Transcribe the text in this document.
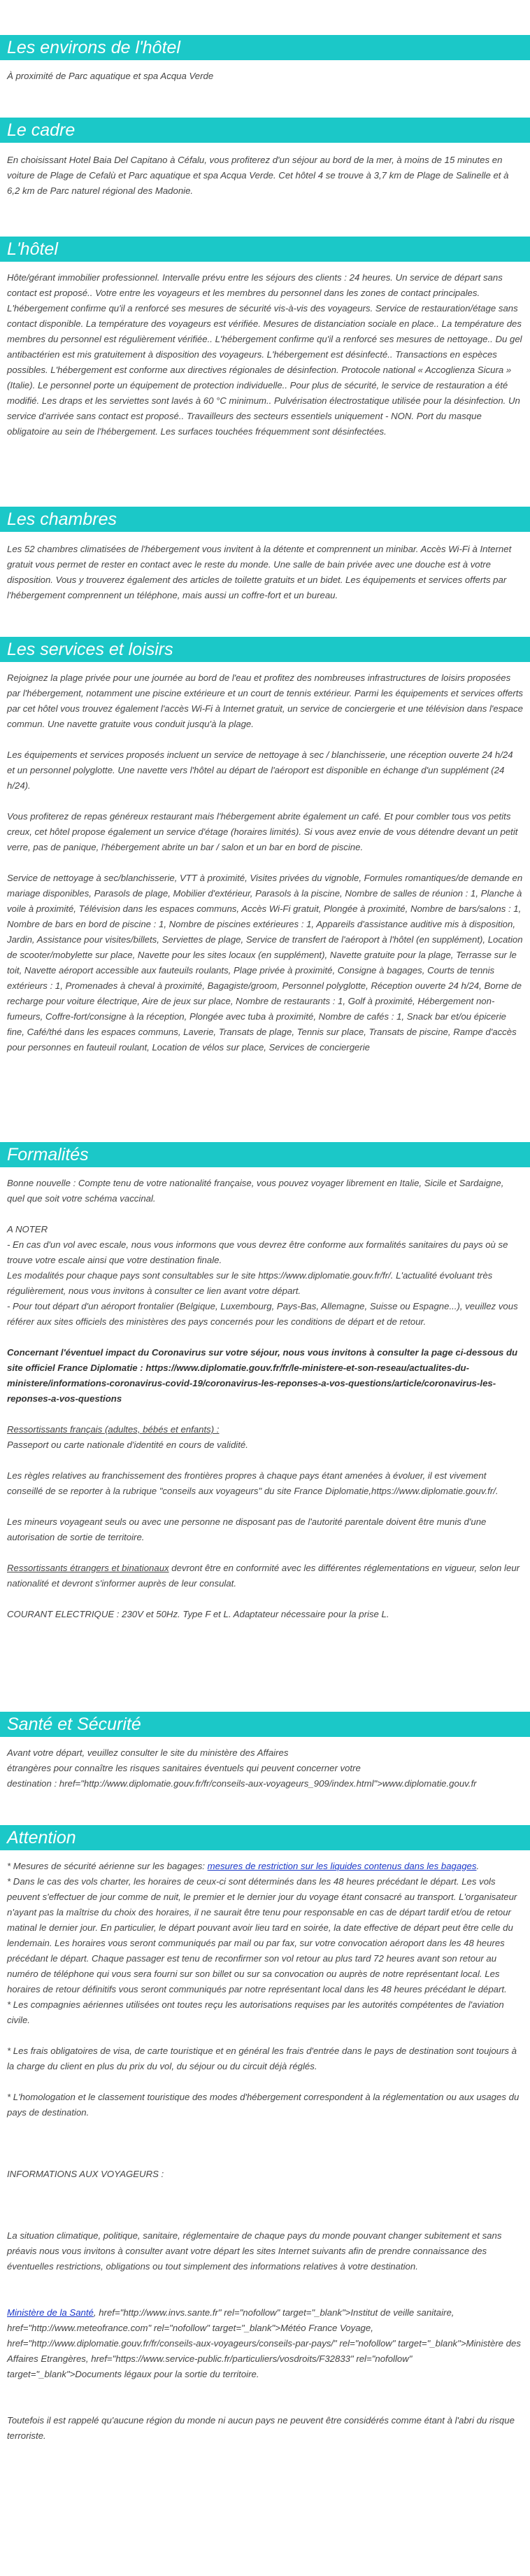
Les environs de l'hôtel

À proximité de Parc aquatique et spa Acqua Verde

Le cadre

En choisissant Hotel Baia Del Capitano à Céfalu, vous profiterez d'un séjour au bord de la mer, à moins de 15 minutes en voiture de Plage de Cefalù et Parc aquatique et spa Acqua Verde. Cet hôtel 4 se trouve à 3,7 km de Plage de Salinelle et à 6,2 km de Parc naturel régional des Madonie.

L'hôtel

Hôte/gérant immobilier professionnel. Intervalle prévu entre les séjours des clients : 24 heures. Un service de départ sans contact est proposé.. Votre entre les voyageurs et les membres du personnel dans les zones de contact principales. L'hébergement confirme qu'il a renforcé ses mesures de sécurité vis-à-vis des voyageurs. Service de restauration/étage sans contact disponible. La température des voyageurs est vérifiée. Mesures de distanciation sociale en place.. La température des membres du personnel est régulièrement vérifiée.. L'hébergement confirme qu'il a renforcé ses mesures de nettoyage.. Du gel antibactérien est mis gratuitement à disposition des voyageurs. L'hébergement est désinfecté.. Transactions en espèces possibles. L'hébergement est conforme aux directives régionales de désinfection. Protocole national « Accoglienza Sicura » (Italie). Le personnel porte un équipement de protection individuelle.. Pour plus de sécurité, le service de restauration a été modifié. Les draps et les serviettes sont lavés à 60 °C minimum.. Pulvérisation électrostatique utilisée pour la désinfection. Un service d'arrivée sans contact est proposé.. Travailleurs des secteurs essentiels uniquement - NON. Port du masque obligatoire au sein de l'hébergement. Les surfaces touchées fréquemment sont désinfectées.

Les chambres

Les 52 chambres climatisées de l'hébergement vous invitent à la détente et comprennent un minibar. Accès Wi-Fi à Internet gratuit vous permet de rester en contact avec le reste du monde. Une salle de bain privée avec une douche est à votre disposition. Vous y trouverez également des articles de toilette gratuits et un bidet. Les équipements et services offerts par l'hébergement comprennent un téléphone, mais aussi un coffre-fort et un bureau.

Les services et loisirs

Rejoignez la plage privée pour une journée au bord de l'eau et profitez des nombreuses infrastructures de loisirs proposées par l'hébergement, notamment une piscine extérieure et un court de tennis extérieur. Parmi les équipements et services offerts par cet hôtel vous trouvez également l'accès Wi-Fi à Internet gratuit, un service de conciergerie et une télévision dans l'espace commun. Une navette gratuite vous conduit jusqu'à la plage.

Les équipements et services proposés incluent un service de nettoyage à sec / blanchisserie, une réception ouverte 24 h/24 et un personnel polyglotte. Une navette vers l'hôtel au départ de l'aéroport est disponible en échange d'un supplément (24 h/24).

Vous profiterez de repas généreux restaurant mais l'hébergement abrite également un café. Et pour combler tous vos petits creux, cet hôtel propose également un service d'étage (horaires limités). Si vous avez envie de vous détendre devant un petit verre, pas de panique, l'hébergement abrite un bar / salon et un bar en bord de piscine.

Service de nettoyage à sec/blanchisserie, VTT à proximité, Visites privées du vignoble, Formules romantiques/de demande en mariage disponibles, Parasols de plage, Mobilier d'extérieur, Parasols à la piscine, Nombre de salles de réunion : 1, Planche à voile à proximité, Télévision dans les espaces communs, Accès Wi-Fi gratuit, Plongée à proximité, Nombre de bars/salons : 1, Nombre de bars en bord de piscine : 1, Nombre de piscines extérieures : 1, Appareils d'assistance auditive mis à disposition, Jardin, Assistance pour visites/billets, Serviettes de plage, Service de transfert de l'aéroport à l'hôtel (en supplément), Location de scooter/mobylette sur place, Navette pour les sites locaux (en supplément), Navette gratuite pour la plage, Terrasse sur le toit, Navette aéroport accessible aux fauteuils roulants, Plage privée à proximité, Consigne à bagages, Courts de tennis extérieurs : 1, Promenades à cheval à proximité, Bagagiste/groom, Personnel polyglotte, Réception ouverte 24 h/24, Borne de recharge pour voiture électrique, Aire de jeux sur place, Nombre de restaurants : 1, Golf à proximité, Hébergement non-fumeurs, Coffre-fort/consigne à la réception, Plongée avec tuba à proximité, Nombre de cafés : 1, Snack bar et/ou épicerie fine, Café/thé dans les espaces communs, Laverie, Transats de plage, Tennis sur place, Transats de piscine, Rampe d'accès pour personnes en fauteuil roulant, Location de vélos sur place, Services de conciergerie

Formalités

Bonne nouvelle : Compte tenu de votre nationalité française, vous pouvez voyager librement en Italie, Sicile et Sardaigne, quel que soit votre schéma vaccinal.

A NOTER
- En cas d'un vol avec escale, nous vous informons que vous devrez être conforme aux formalités sanitaires du pays où se trouve votre escale ainsi que votre destination finale.
Les modalités pour chaque pays sont consultables sur le site https://www.diplomatie.gouv.fr/fr/. L'actualité évoluant très régulièrement, nous vous invitons à consulter ce lien avant votre départ.
- Pour tout départ d'un aéroport frontalier (Belgique, Luxembourg, Pays-Bas, Allemagne, Suisse ou Espagne...), veuillez vous référer aux sites officiels des ministères des pays concernés pour les conditions de départ et de retour.

Concernant l'éventuel impact du Coronavirus sur votre séjour, nous vous invitons à consulter la page ci-dessous du site officiel France Diplomatie : https://www.diplomatie.gouv.fr/fr/le-ministere-et-son-reseau/actualites-du-ministere/informations-coronavirus-covid-19/coronavirus-les-reponses-a-vos-questions/article/coronavirus-les-reponses-a-vos-questions

Ressortissants français (adultes, bébés et enfants) :
Passeport ou carte nationale d'identité en cours de validité.

Les règles relatives au franchissement des frontières propres à chaque pays étant amenées à évoluer, il est vivement conseillé de se reporter à la rubrique "conseils aux voyageurs" du site France Diplomatie,https://www.diplomatie.gouv.fr/.

Les mineurs voyageant seuls ou avec une personne ne disposant pas de l'autorité parentale doivent être munis d'une autorisation de sortie de territoire.

Ressortissants étrangers et binationaux devront être en conformité avec les différentes réglementations en vigueur, selon leur nationalité et devront s'informer auprès de leur consulat.

COURANT ELECTRIQUE : 230V et 50Hz. Type F et L. Adaptateur nécessaire pour la prise L.

Santé et Sécurité
Avant votre départ, veuillez consulter le site du ministère des Affaires
étrangères pour connaître les risques sanitaires éventuels qui peuvent concerner votre
destination : href="http://www.diplomatie.gouv.fr/fr/conseils-aux-voyageurs_909/index.html">www.diplomatie.gouv.fr
Attention
* Mesures de sécurité aérienne sur les bagages: mesures de restriction sur les liquides contenus dans les bagages.
* Dans le cas des vols charter, les horaires de ceux-ci sont déterminés dans les 48 heures précédant le départ. Les vols peuvent s'effectuer de jour comme de nuit, le premier et le dernier jour du voyage étant consacré au transport. L'organisateur n'ayant pas la maîtrise du choix des horaires, il ne saurait être tenu pour responsable en cas de départ tardif et/ou de retour matinal le dernier jour. En particulier, le départ pouvant avoir lieu tard en soirée, la date effective de départ peut être celle du lendemain. Les horaires vous seront communiqués par mail ou par fax, sur votre convocation aéroport dans les 48 heures précédant le départ. Chaque passager est tenu de reconfirmer son vol retour au plus tard 72 heures avant son retour au numéro de téléphone qui vous sera fourni sur son billet ou sur sa convocation ou auprès de notre représentant local. Les horaires de retour définitifs vous seront communiqués par notre représentant local dans les 48 heures précédant le départ.

* Les compagnies aériennes utilisées ont toutes reçu les autorisations requises par les autorités compétentes de l'aviation civile.

* Les frais obligatoires de visa, de carte touristique et en général les frais d'entrée dans le pays de destination sont toujours à la charge du client en plus du prix du vol, du séjour ou du circuit déjà réglés.

* L'homologation et le classement touristique des modes d'hébergement correspondent à la réglementation ou aux usages du pays de destination.

INFORMATIONS AUX VOYAGEURS :

La situation climatique, politique, sanitaire, réglementaire de chaque pays du monde pouvant changer subitement et sans préavis nous vous invitons à consulter avant votre départ les sites Internet suivants afin de prendre connaissance des éventuelles restrictions, obligations ou tout simplement des informations relatives à votre destination.

Ministère de la Santé, href="http://www.invs.sante.fr" rel="nofollow" target="_blank">Institut de veille sanitaire, href="http://www.meteofrance.com" rel="nofollow" target="_blank">Météo France Voyage, href="http://www.diplomatie.gouv.fr/fr/conseils-aux-voyageurs/conseils-par-pays/" rel="nofollow" target="_blank">Ministère des Affaires Etrangères, href="https://www.service-public.fr/particuliers/vosdroits/F32833" rel="nofollow" target="_blank">Documents légaux pour la sortie du territoire.

Toutefois il est rappelé qu'aucune région du monde ni aucun pays ne peuvent être considérés comme étant à l'abri du risque terroriste.
